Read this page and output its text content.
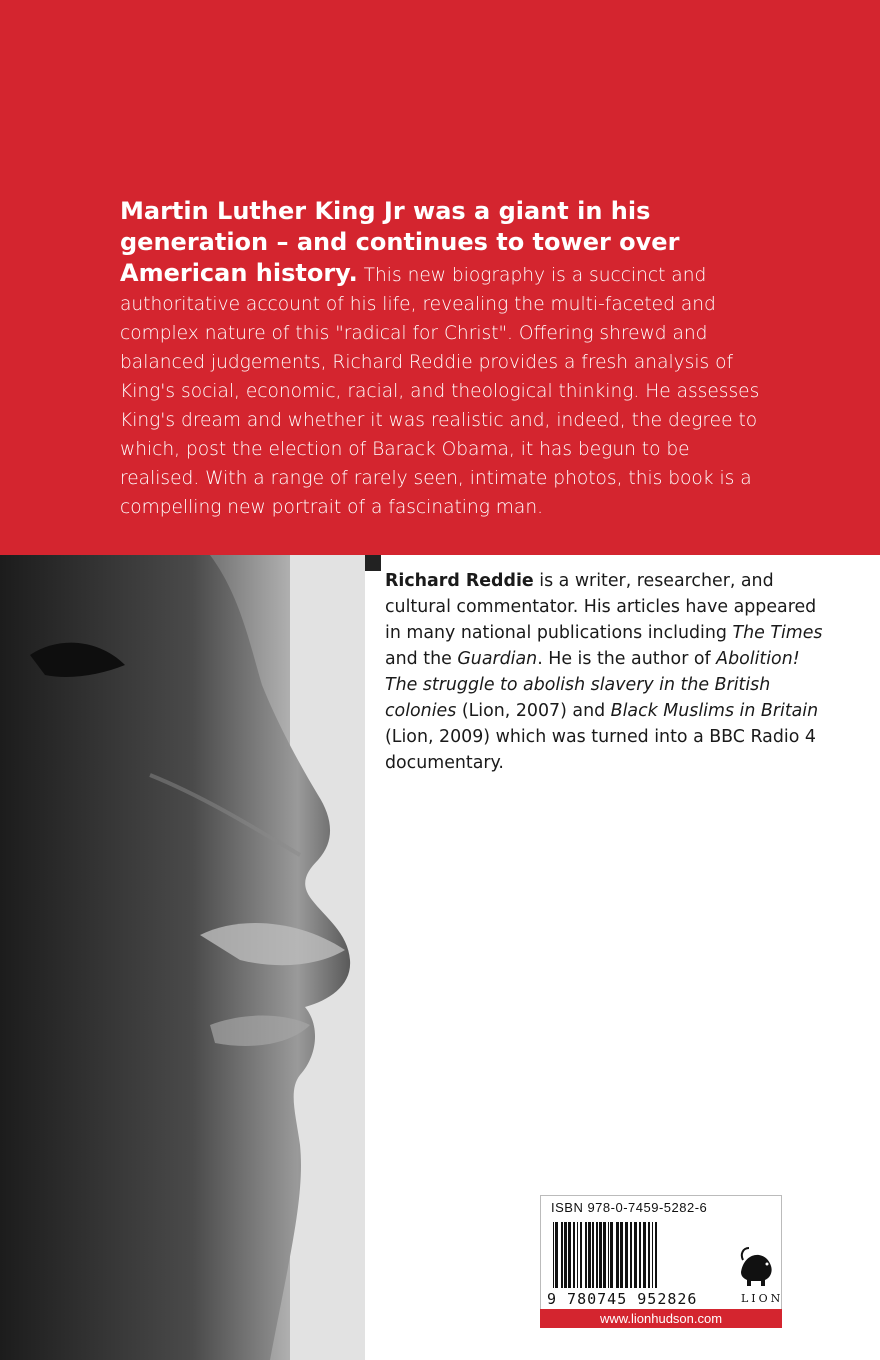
Martin Luther King Jr was a giant in his generation – and continues to tower over American history. This new biography is a succinct and authoritative account of his life, revealing the multi-faceted and complex nature of this "radical for Christ". Offering shrewd and balanced judgements, Richard Reddie provides a fresh analysis of King's social, economic, racial, and theological thinking. He assesses King's dream and whether it was realistic and, indeed, the degree to which, post the election of Barack Obama, it has begun to be realised. With a range of rarely seen, intimate photos, this book is a compelling new portrait of a fascinating man.

Richard Reddie is a writer, researcher, and cultural commentator. His articles have appeared in many national publications including The Times and the Guardian. He is the author of Abolition! The struggle to abolish slavery in the British colonies (Lion, 2007) and Black Muslims in Britain (Lion, 2009) which was turned into a BBC Radio 4 documentary.

ISBN 978-0-7459-5282-6
9 780745 952826	LION
www.lionhudson.com
